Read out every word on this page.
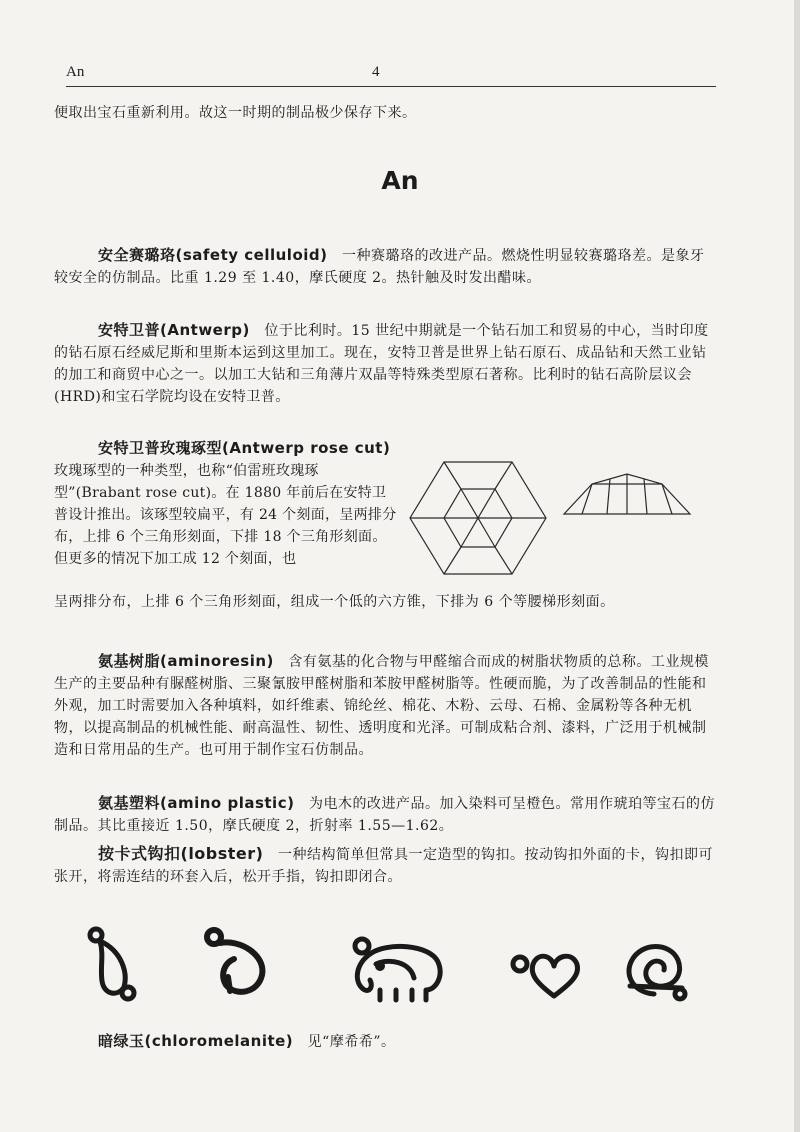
An	4
便取出宝石重新利用。故这一时期的制品极少保存下来。
An

安全赛璐珞(safety celluloid)　一种赛璐珞的改进产品。燃烧性明显较赛璐珞差。是象牙较安全的仿制品。比重 1.29 至 1.40，摩氏硬度 2。热针触及时发出醋味。

安特卫普(Antwerp)　位于比利时。15 世纪中期就是一个钻石加工和贸易的中心，当时印度的钻石原石经威尼斯和里斯本运到这里加工。现在，安特卫普是世界上钻石原石、成品钻和天然工业钻的加工和商贸中心之一。以加工大钻和三角薄片双晶等特殊类型原石著称。比利时的钻石高阶层议会(HRD)和宝石学院均设在安特卫普。

安特卫普玫瑰琢型(Antwerp rose cut)　玫瑰琢型的一种类型，也称“伯雷班玫瑰琢型”(Brabant rose cut)。在 1880 年前后在安特卫普设计推出。该琢型较扁平，有 24 个刻面，呈两排分布，上排 6 个三角形刻面，下排 18 个三角形刻面。但更多的情况下加工成 12 个刻面，也

呈两排分布，上排 6 个三角形刻面，组成一个低的六方锥，下排为 6 个等腰梯形刻面。

氨基树脂(aminoresin)　含有氨基的化合物与甲醛缩合而成的树脂状物质的总称。工业规模生产的主要品种有脲醛树脂、三聚氰胺甲醛树脂和苯胺甲醛树脂等。性硬而脆，为了改善制品的性能和外观，加工时需要加入各种填料，如纤维素、锦纶丝、棉花、木粉、云母、石棉、金属粉等各种无机物，以提高制品的机械性能、耐高温性、韧性、透明度和光泽。可制成粘合剂、漆料，广泛用于机械制造和日常用品的生产。也可用于制作宝石仿制品。

氨基塑料(amino plastic)　为电木的改进产品。加入染料可呈橙色。常用作琥珀等宝石的仿制品。其比重接近 1.50，摩氏硬度 2，折射率 1.55—1.62。

按卡式钩扣(lobster)　一种结构简单但常具一定造型的钩扣。按动钩扣外面的卡，钩扣即可张开，将需连结的环套入后，松开手指，钩扣即闭合。

暗绿玉(chloromelanite)　见“摩希希”。
